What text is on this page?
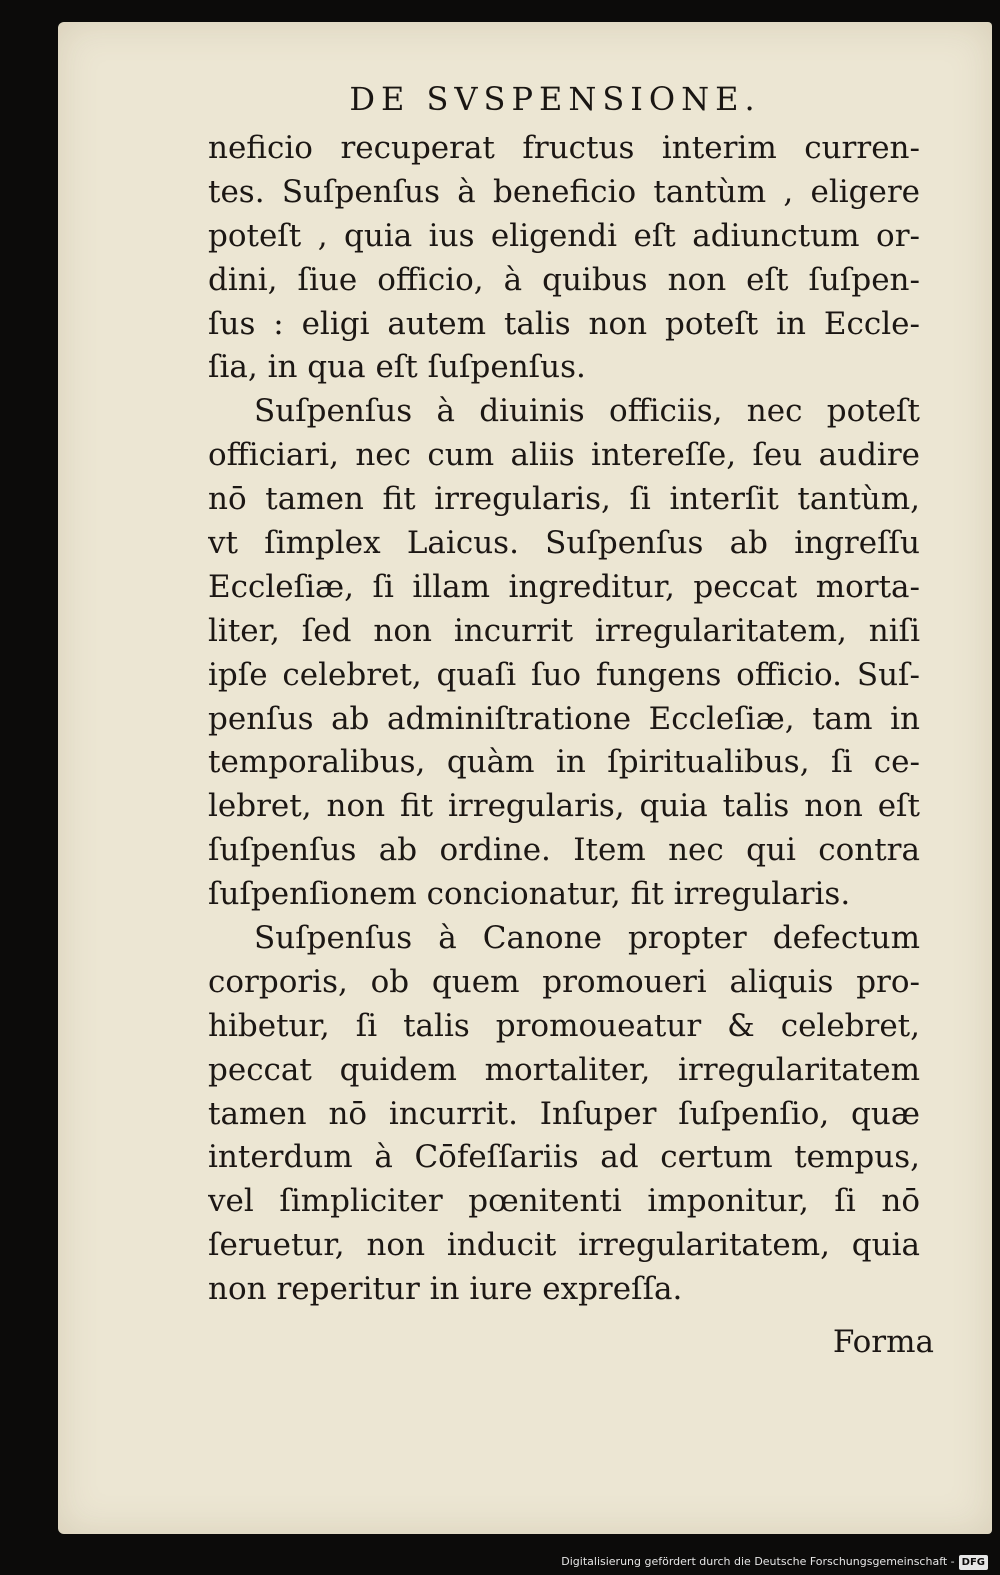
DE SVSPENSIONE.
neficio recuperat fructus interim curren-
tes. Suſpenſus à beneficio tantùm , eligere
poteſt , quia ius eligendi eſt adiunctum or-
dini, ſiue officio, à quibus non eſt ſuſpen-
ſus : eligi autem talis non poteſt in Eccle-
ſia, in qua eſt ſuſpenſus.
Suſpenſus à diuinis officiis, nec poteſt
officiari, nec cum aliis intereſſe, ſeu audire
nō tamen fit irregularis, ſi interſit tantùm,
vt ſimplex Laicus. Suſpenſus ab ingreſſu
Eccleſiæ, ſi illam ingreditur, peccat morta-
liter, ſed non incurrit irregularitatem, niſi
ipſe celebret, quaſi ſuo fungens officio. Suſ-
penſus ab adminiſtratione Eccleſiæ, tam in
temporalibus, quàm in ſpiritualibus, ſi ce-
lebret, non fit irregularis, quia talis non eſt
ſuſpenſus ab ordine. Item nec qui contra
ſuſpenſionem concionatur, fit irregularis.
Suſpenſus à Canone propter defectum
corporis, ob quem promoueri aliquis pro-
hibetur, ſi talis promoueatur & celebret,
peccat quidem mortaliter, irregularitatem
tamen nō incurrit. Inſuper ſuſpenſio, quæ
interdum à Cōfeſſariis ad certum tempus,
vel ſimpliciter pœnitenti imponitur, ſi nō
ſeruetur, non inducit irregularitatem, quia
non reperitur in iure expreſſa.
Forma
Digitalisierung gefördert durch die Deutsche Forschungsgemeinschaft - DFG
